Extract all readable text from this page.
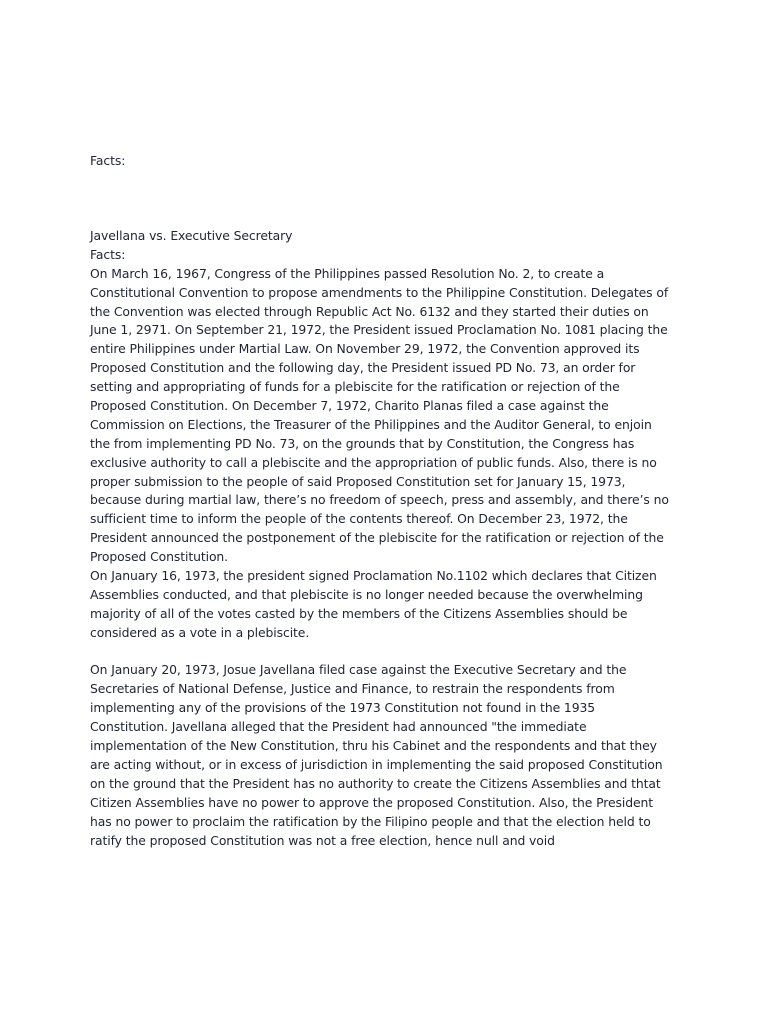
Facts:
Javellana vs. Executive Secretary
Facts:
On March 16, 1967, Congress of the Philippines passed Resolution No. 2, to create a
Constitutional Convention to propose amendments to the Philippine Constitution. Delegates of
the Convention was elected through Republic Act No. 6132 and they started their duties on
June 1, 2971. On September 21, 1972, the President issued Proclamation No. 1081 placing the
entire Philippines under Martial Law. On November 29, 1972, the Convention approved its
Proposed Constitution and the following day, the President issued PD No. 73, an order for
setting and appropriating of funds for a plebiscite for the ratification or rejection of the
Proposed Constitution. On December 7, 1972, Charito Planas filed a case against the
Commission on Elections, the Treasurer of the Philippines and the Auditor General, to enjoin
the from implementing PD No. 73, on the grounds that by Constitution, the Congress has
exclusive authority to call a plebiscite and the appropriation of public funds. Also, there is no
proper submission to the people of said Proposed Constitution set for January 15, 1973,
because during martial law, there’s no freedom of speech, press and assembly, and there’s no
sufficient time to inform the people of the contents thereof. On December 23, 1972, the
President announced the postponement of the plebiscite for the ratification or rejection of the
Proposed Constitution.
On January 16, 1973, the president signed Proclamation No.1102 which declares that Citizen
Assemblies conducted, and that plebiscite is no longer needed because the overwhelming
majority of all of the votes casted by the members of the Citizens Assemblies should be
considered as a vote in a plebiscite.
On January 20, 1973, Josue Javellana filed case against the Executive Secretary and the
Secretaries of National Defense, Justice and Finance, to restrain the respondents from
implementing any of the provisions of the 1973 Constitution not found in the 1935
Constitution. Javellana alleged that the President had announced "the immediate
implementation of the New Constitution, thru his Cabinet and the respondents and that they
are acting without, or in excess of jurisdiction in implementing the said proposed Constitution
on the ground that the President has no authority to create the Citizens Assemblies and thtat
Citizen Assemblies have no power to approve the proposed Constitution. Also, the President
has no power to proclaim the ratification by the Filipino people and that the election held to
ratify the proposed Constitution was not a free election, hence null and void
